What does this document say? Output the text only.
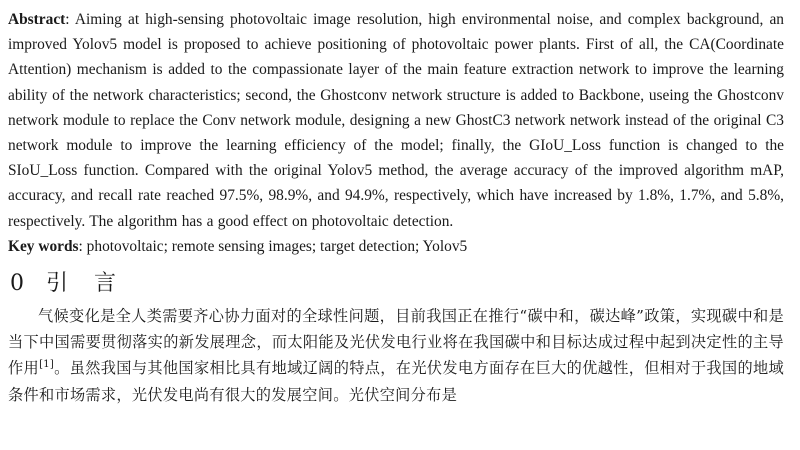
Abstract: Aiming at high-sensing photovoltaic image resolution, high environmental noise, and complex background, an improved Yolov5 model is proposed to achieve positioning of photovoltaic power plants. First of all, the CA(Coordinate Attention) mechanism is added to the compassionate layer of the main feature extraction network to improve the learning ability of the network characteristics; second, the Ghostconv network structure is added to Backbone, useing the Ghostconv network module to replace the Conv network module, designing a new GhostC3 network network instead of the original C3 network module to improve the learning efficiency of the model; finally, the GIoU_Loss function is changed to the SIoU_Loss function. Compared with the original Yolov5 method, the average accuracy of the improved algorithm mAP, accuracy, and recall rate reached 97.5%, 98.9%, and 94.9%, respectively, which have increased by 1.8%, 1.7%, and 5.8%, respectively. The algorithm has a good effect on photovoltaic detection.

Key words: photovoltaic; remote sensing images; target detection; Yolov5

0 引言

气候变化是全人类需要齐心协力面对的全球性问题，目前我国正在推行“碳中和，碳达峰”政策，实现碳中和是当下中国需要贯彻落实的新发展理念，而太阳能及光伏发电行业将在我国碳中和目标达成过程中起到决定性的主导作用[1]。虽然我国与其他国家相比具有地域辽阔的特点，在光伏发电方面存在巨大的优越性，但相对于我国的地域条件和市场需求，光伏发电尚有很大的发展空间。光伏空间分布是
